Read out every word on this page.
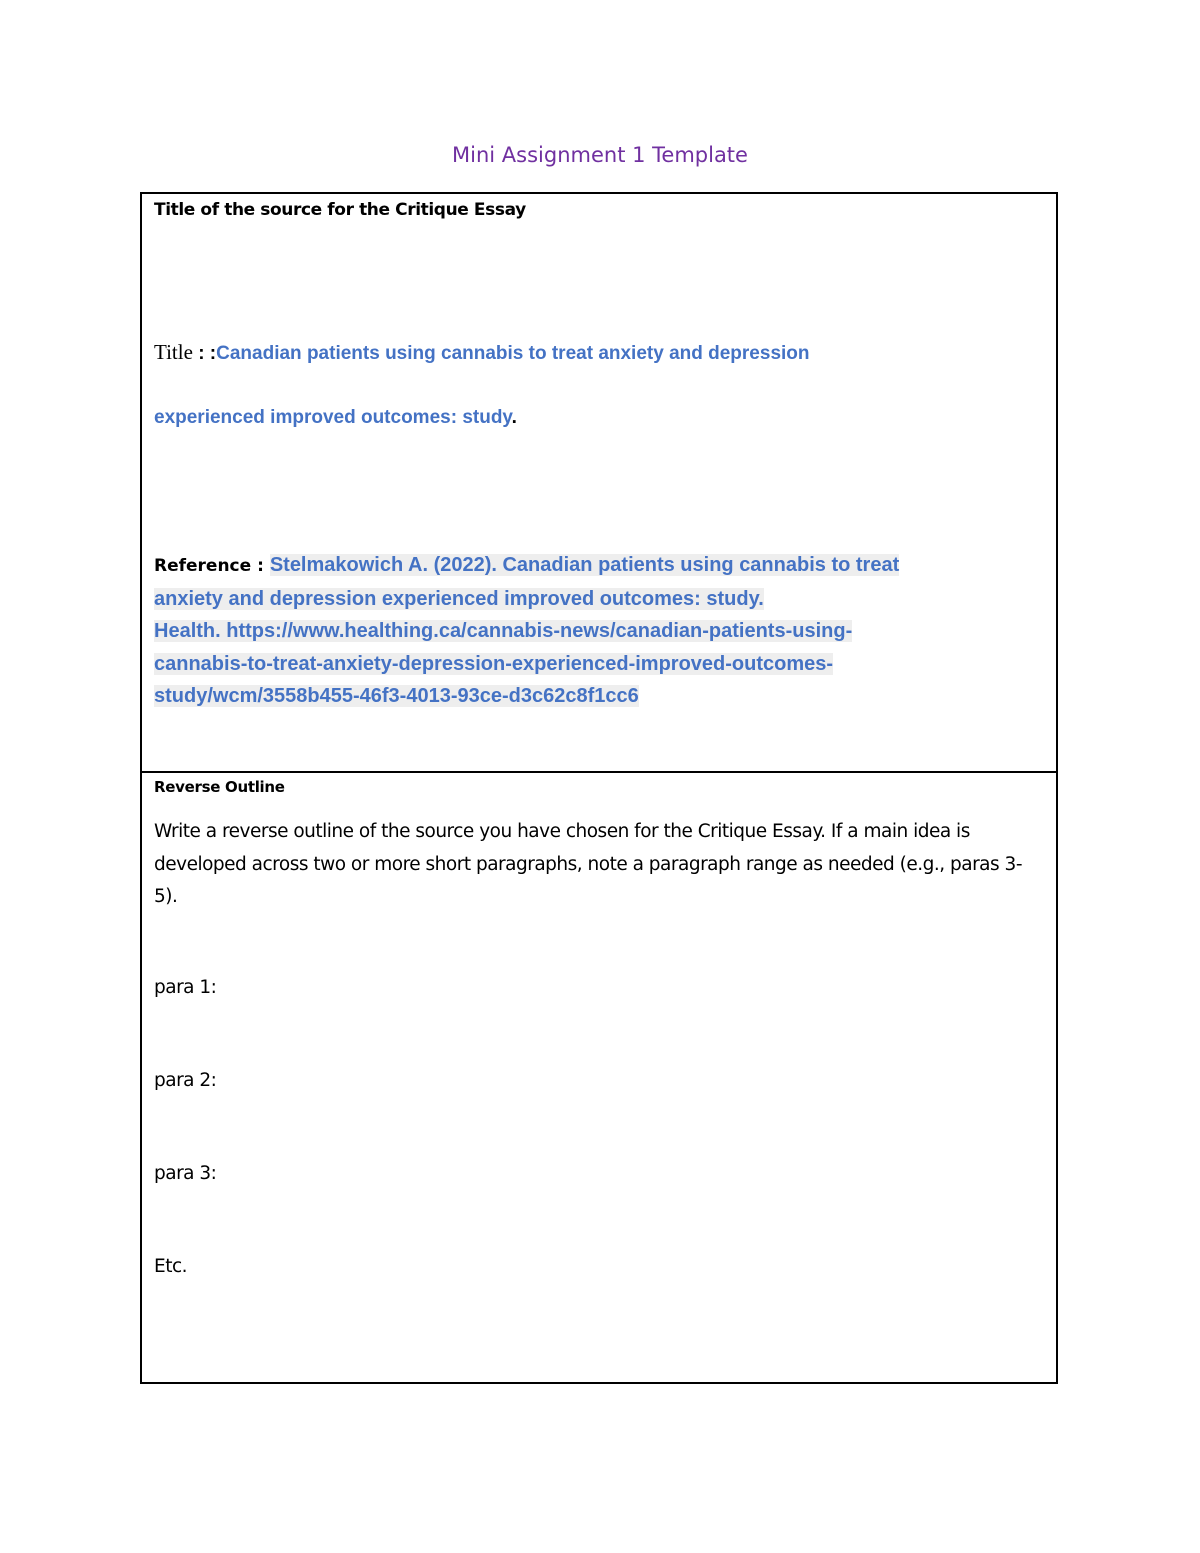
Mini Assignment 1 Template
Title of the source for the Critique Essay
Title : :Canadian patients using cannabis to treat anxiety and depression
experienced improved outcomes: study.
Reference : Stelmakowich A. (2022). Canadian patients using cannabis to treat
anxiety and depression experienced improved outcomes: study.
Health. https://www.healthing.ca/cannabis-news/canadian-patients-using-
cannabis-to-treat-anxiety-depression-experienced-improved-outcomes-
study/wcm/3558b455-46f3-4013-93ce-d3c62c8f1cc6
Reverse Outline
Write a reverse outline of the source you have chosen for the Critique Essay. If a main idea is developed across two or more short paragraphs, note a paragraph range as needed (e.g., paras 3-5).
para 1:
para 2:
para 3:
Etc.
